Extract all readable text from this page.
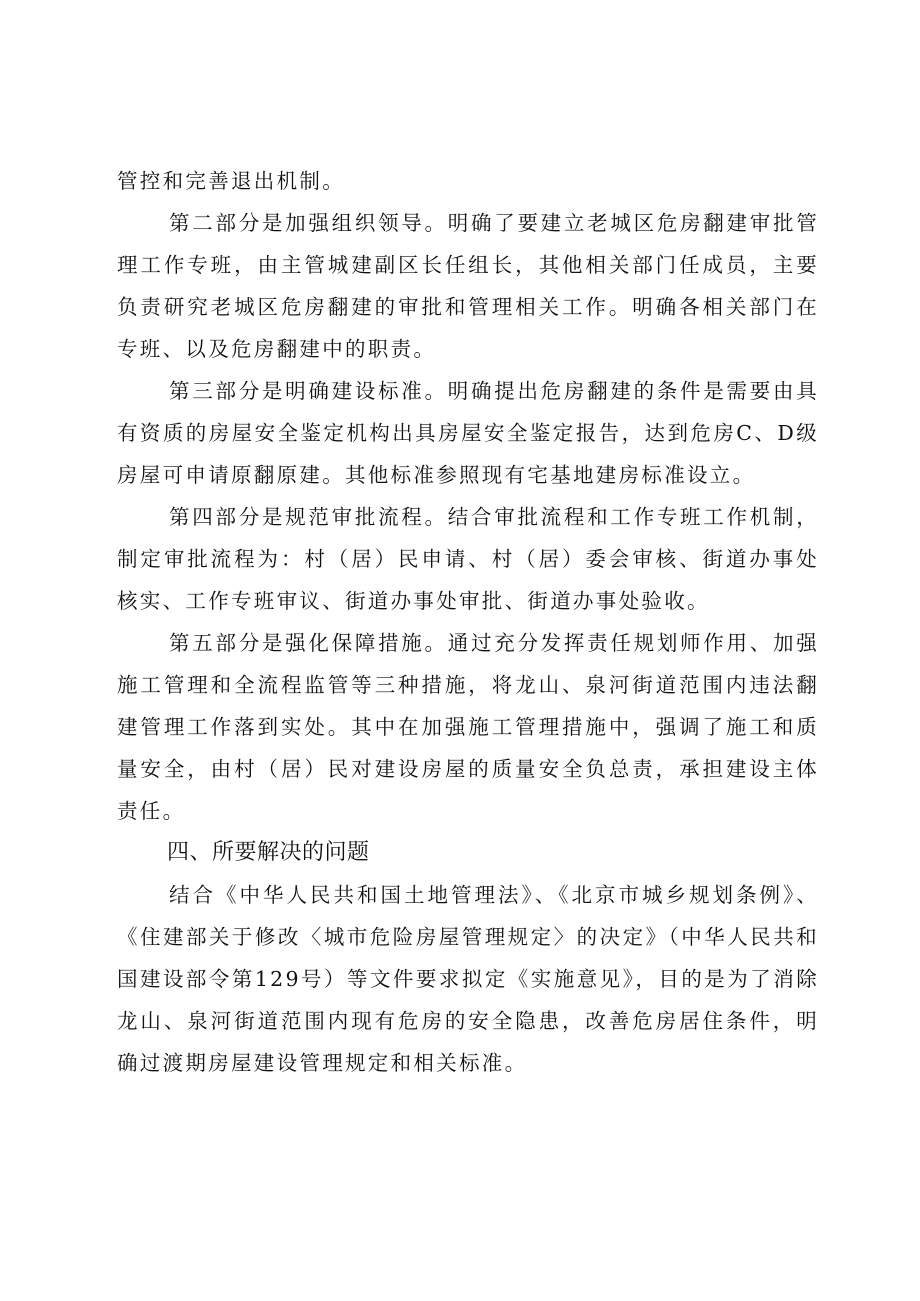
管控和完善退出机制。

第二部分是加强组织领导。明确了要建立老城区危房翻建审批管理工作专班，由主管城建副区长任组长，其他相关部门任成员，主要负责研究老城区危房翻建的审批和管理相关工作。明确各相关部门在专班、以及危房翻建中的职责。

第三部分是明确建设标准。明确提出危房翻建的条件是需要由具有资质的房屋安全鉴定机构出具房屋安全鉴定报告，达到危房C、D级房屋可申请原翻原建。其他标准参照现有宅基地建房标准设立。

第四部分是规范审批流程。结合审批流程和工作专班工作机制，制定审批流程为：村（居）民申请、村（居）委会审核、街道办事处核实、工作专班审议、街道办事处审批、街道办事处验收。

第五部分是强化保障措施。通过充分发挥责任规划师作用、加强施工管理和全流程监管等三种措施，将龙山、泉河街道范围内违法翻建管理工作落到实处。其中在加强施工管理措施中，强调了施工和质量安全，由村（居）民对建设房屋的质量安全负总责，承担建设主体责任。

四、所要解决的问题

结合《中华人民共和国土地管理法》、《北京市城乡规划条例》、《住建部关于修改〈城市危险房屋管理规定〉的决定》（中华人民共和国建设部令第129号）等文件要求拟定《实施意见》，目的是为了消除龙山、泉河街道范围内现有危房的安全隐患，改善危房居住条件，明确过渡期房屋建设管理规定和相关标准。
